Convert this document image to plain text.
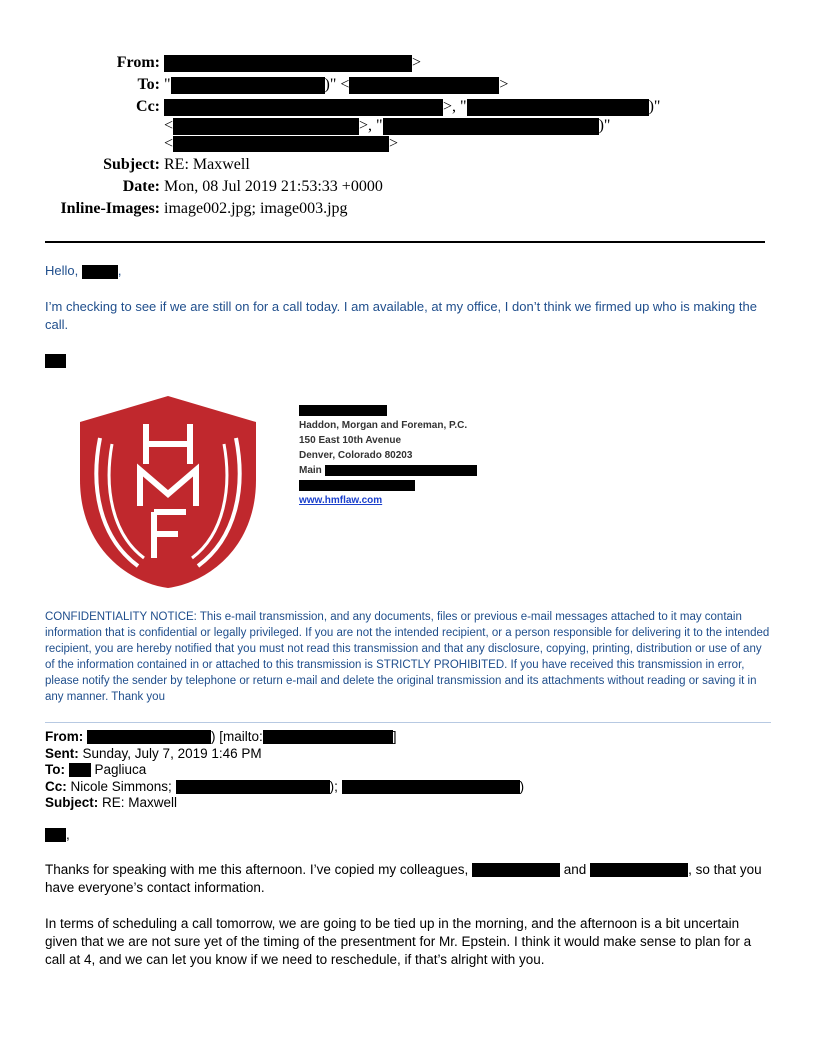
From:	>
To: "	)" <	>
Cc:	>, "	)"
<	>, "	)"
<	>
Subject: RE: Maxwell
Date: Mon, 08 Jul 2019 21:53:33 +0000
Inline-Images: image002.jpg; image003.jpg
Hello,	,
I’m checking to see if we are still on for a call today. I am available, at my office, I don’t think we firmed up who is making the call.
Haddon, Morgan and Foreman, P.C.
150 East 10th Avenue
Denver, Colorado 80203
Main
www.hmflaw.com
CONFIDENTIALITY NOTICE: This e-mail transmission, and any documents, files or previous e-mail messages attached to it may contain information that is confidential or legally privileged. If you are not the intended recipient, or a person responsible for delivering it to the intended recipient, you are hereby notified that you must not read this transmission and that any disclosure, copying, printing, distribution or use of any of the information contained in or attached to this transmission is STRICTLY PROHIBITED. If you have received this transmission in error, please notify the sender by telephone or return e-mail and delete the original transmission and its attachments without reading or saving it in any manner. Thank you
From:	) [mailto:	]
Sent: Sunday, July 7, 2019 1:46 PM
To: Pagliuca
Cc: Nicole Simmons;	);	)
Subject: RE: Maxwell
,
Thanks for speaking with me this afternoon. I’ve copied my colleagues,	and	, so that you
have everyone’s contact information.
In terms of scheduling a call tomorrow, we are going to be tied up in the morning, and the afternoon is a bit uncertain given that we are not sure yet of the timing of the presentment for Mr. Epstein. I think it would make sense to plan for a call at 4, and we can let you know if we need to reschedule, if that’s alright with you.
